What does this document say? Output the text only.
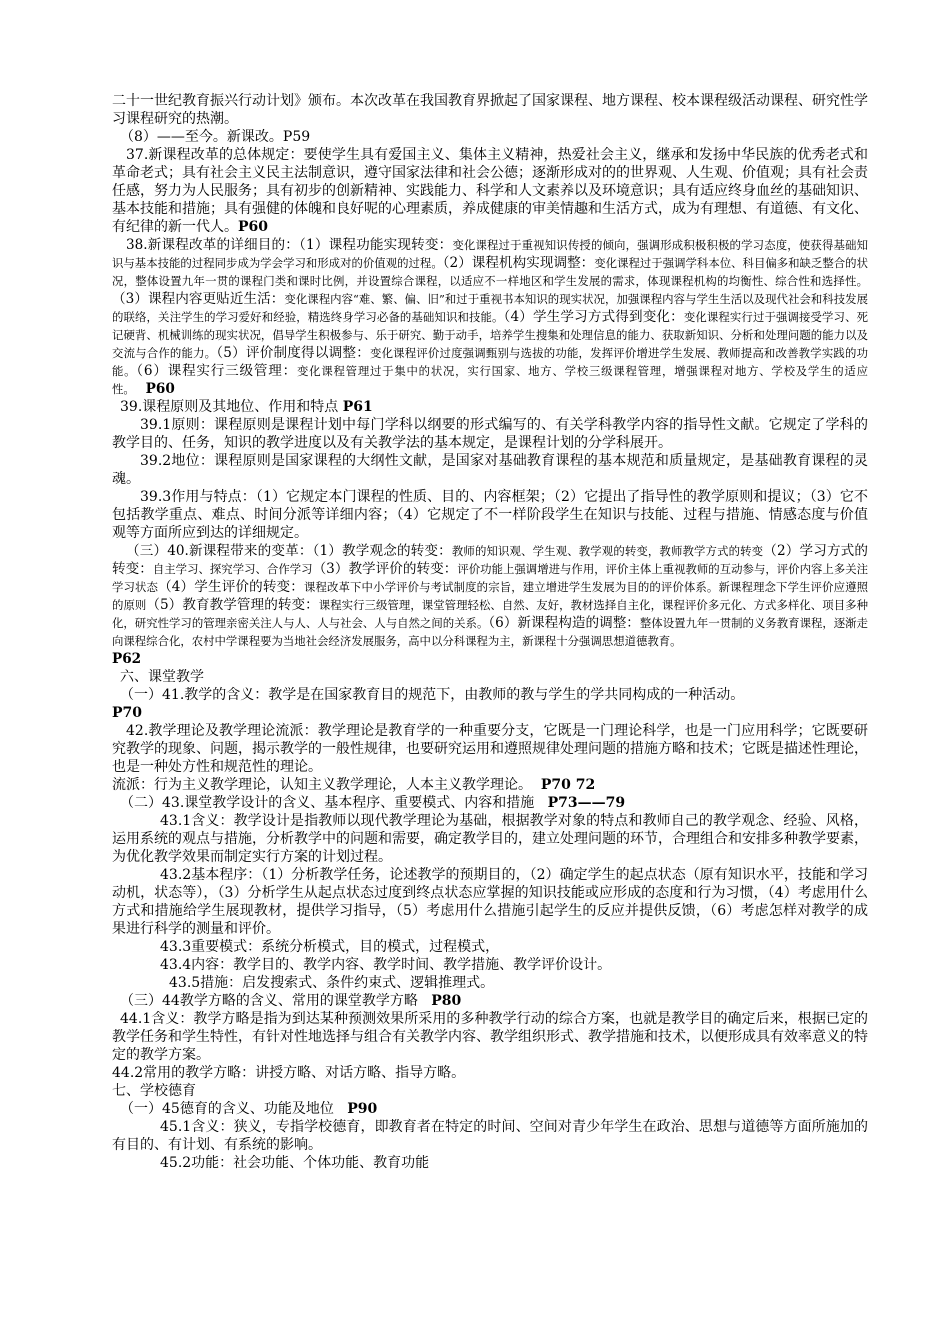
二十一世纪教育振兴行动计划》颁布。本次改革在我国教育界掀起了国家课程、地方课程、校本课程级活动课程、研究性学习课程研究的热潮。

（8）——至今。新课改。P59

37.新课程改革的总体规定：要使学生具有爱国主义、集体主义精神，热爱社会主义，继承和发扬中华民族的优秀老式和革命老式；具有社会主义民主法制意识，遵守国家法律和社会公德；逐渐形成对的的世界观、人生观、价值观；具有社会责任感，努力为人民服务；具有初步的创新精神、实践能力、科学和人文素养以及环境意识；具有适应终身血丝的基础知识、基本技能和措施；具有强健的体魄和良好呢的心理素质，养成健康的审美情趣和生活方式，成为有理想、有道德、有文化、有纪律的新一代人。P60

38.新课程改革的详细目的：（1）课程功能实现转变：变化课程过于重视知识传授的倾向，强调形成积极积极的学习态度，使获得基础知识与基本技能的过程同步成为学会学习和形成对的价值观的过程。（2）课程机构实现调整：变化课程过于强调学科本位、科目偏多和缺乏整合的状况，整体设置九年一贯的课程门类和课时比例，并设置综合课程，以适应不一样地区和学生发展的需求，体现课程机构的均衡性、综合性和选择性。（3）课程内容更贴近生活：变化课程内容“难、繁、偏、旧”和过于重视书本知识的现实状况，加强课程内容与学生生活以及现代社会和科技发展的联络，关注学生的学习爱好和经验，精选终身学习必备的基础知识和技能。（4）学生学习方式得到变化：变化课程实行过于强调接受学习、死记硬背、机械训练的现实状况，倡导学生积极参与、乐于研究、勤于动手，培养学生搜集和处理信息的能力、获取新知识、分析和处理问题的能力以及交流与合作的能力。（5）评价制度得以调整：变化课程评价过度强调甄别与选拔的功能，发挥评价增进学生发展、教师提高和改善教学实践的功能。（6）课程实行三级管理：变化课程管理过于集中的状况，实行国家、地方、学校三级课程管理，增强课程对地方、学校及学生的适应性。 P60

39.课程原则及其地位、作用和特点 P61

39.1原则：课程原则是课程计划中每门学科以纲要的形式编写的、有关学科教学内容的指导性文献。它规定了学科的教学目的、任务，知识的教学进度以及有关教学法的基本规定，是课程计划的分学科展开。

39.2地位：课程原则是国家课程的大纲性文献，是国家对基础教育课程的基本规范和质量规定，是基础教育课程的灵魂。

39.3作用与特点：（1）它规定本门课程的性质、目的、内容框架；（2）它提出了指导性的教学原则和提议；（3）它不包括教学重点、难点、时间分派等详细内容；（4）它规定了不一样阶段学生在知识与技能、过程与措施、情感态度与价值观等方面所应到达的详细规定。

（三）40.新课程带来的变革：（1）教学观念的转变：教师的知识观、学生观、教学观的转变，教师教学方式的转变（2）学习方式的转变：自主学习、探究学习、合作学习（3）教学评价的转变：评价功能上强调增进与作用，评价主体上重视教师的互动参与，评价内容上多关注学习状态（4）学生评价的转变：课程改革下中小学评价与考试制度的宗旨，建立增进学生发展为目的的评价体系。新课程理念下学生评价应遵照的原则（5）教育教学管理的转变：课程实行三级管理，课堂管理轻松、自然、友好，教材选择自主化，课程评价多元化、方式多样化、项目多种化，研究性学习的管理亲密关注人与人、人与社会、人与自然之间的关系。（6）新课程构造的调整：整体设置九年一贯制的义务教育课程，逐渐走向课程综合化，农村中学课程要为当地社会经济发展服务，高中以分科课程为主，新课程十分强调思想道德教育。
P62

六、课堂教学

（一）41.教学的含义：教学是在国家教育目的规范下，由教师的教与学生的学共同构成的一种活动。
P70

42.教学理论及教学理论流派：教学理论是教育学的一种重要分支，它既是一门理论科学，也是一门应用科学；它既要研究教学的现象、问题，揭示教学的一般性规律，也要研究运用和遵照规律处理问题的措施方略和技术；它既是描述性理论，也是一种处方性和规范性的理论。

流派：行为主义教学理论，认知主义教学理论，人本主义教学理论。 P70 72

（二）43.课堂教学设计的含义、基本程序、重要模式、内容和措施 P73——79

43.1含义：教学设计是指教师以现代教学理论为基础，根据教学对象的特点和教师自己的教学观念、经验、风格，运用系统的观点与措施，分析教学中的问题和需要，确定教学目的，建立处理问题的环节，合理组合和安排多种教学要素，为优化教学效果而制定实行方案的计划过程。

43.2基本程序：（1）分析教学任务，论述教学的预期目的，（2）确定学生的起点状态（原有知识水平，技能和学习动机，状态等），（3）分析学生从起点状态过度到终点状态应掌握的知识技能或应形成的态度和行为习惯，（4）考虑用什么方式和措施给学生展现教材，提供学习指导，（5）考虑用什么措施引起学生的反应并提供反馈，（6）考虑怎样对教学的成果进行科学的测量和评价。

43.3重要模式：系统分析模式，目的模式，过程模式，

43.4内容：教学目的、教学内容、教学时间、教学措施、教学评价设计。

43.5措施：启发搜索式、条件约束式、逻辑推理式。

（三）44教学方略的含义、常用的课堂教学方略 P80

44.1含义：教学方略是指为到达某种预测效果所采用的多种教学行动的综合方案，也就是教学目的确定后来，根据已定的教学任务和学生特性，有针对性地选择与组合有关教学内容、教学组织形式、教学措施和技术，以便形成具有效率意义的特定的教学方案。

44.2常用的教学方略：讲授方略、对话方略、指导方略。

七、学校德育

（一）45德育的含义、功能及地位 P90

45.1含义：狭义，专指学校德育，即教育者在特定的时间、空间对青少年学生在政治、思想与道德等方面所施加的有目的、有计划、有系统的影响。

45.2功能：社会功能、个体功能、教育功能
